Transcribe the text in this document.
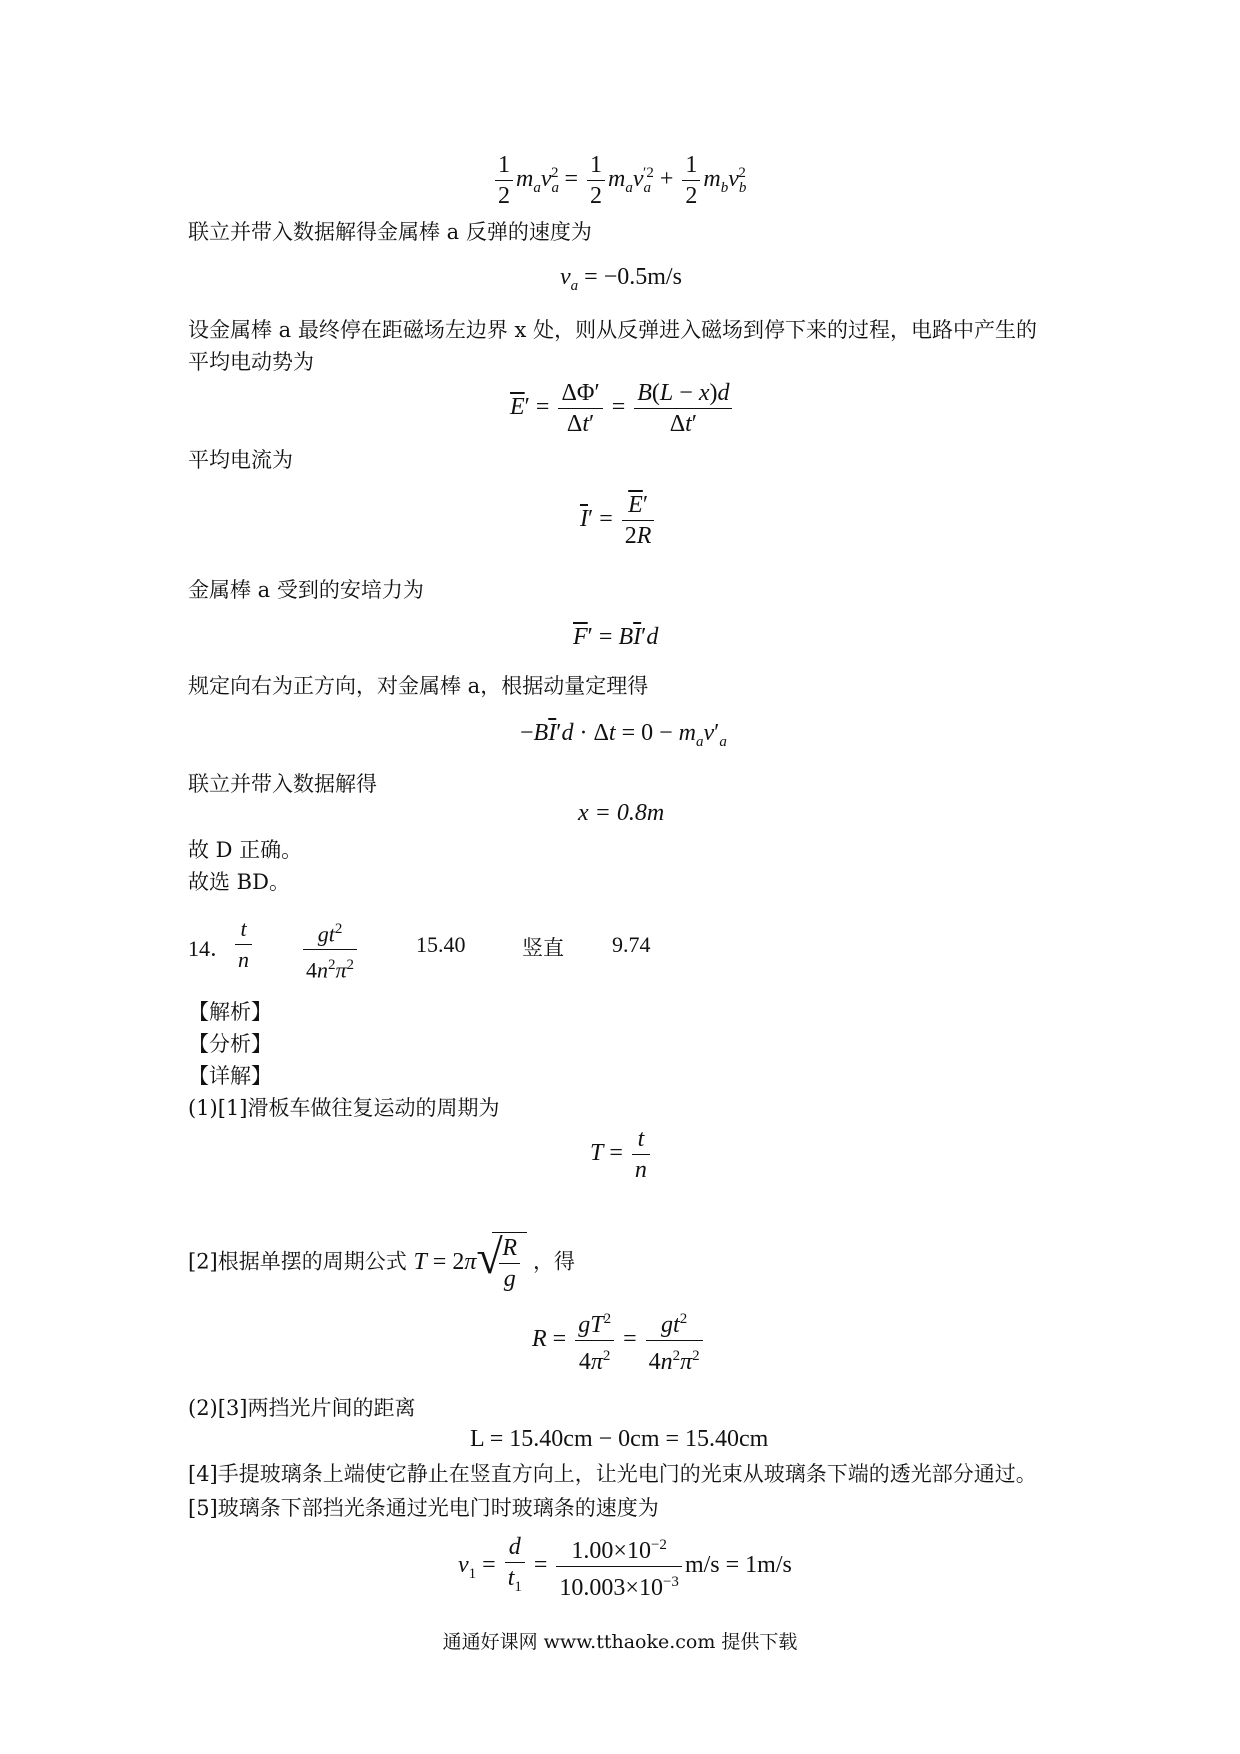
$\frac{1}{2} m_av_a^2 = \frac{1}{2} m_av_a^{'2} + \frac{1}{2} m_bv_b^2$
联立并带入数据解得金属棒 a 反弹的速度为
$v_a = -0.5m/s$
设金属棒 a 最终停在距磁场左边界 x 处，则从反弹进入磁场到停下来的过程，电路中产生的
平均电动势为
$\overline{E}' = \frac{\Delta\Phi'}{\Delta t'} = \frac{B(L - x)d}{\Delta t'}$
平均电流为
$\overline{I}' = \frac{\overline{E}'}{2R}$
金属棒 a 受到的安培力为
$\overline{F}' = B\overline{I}'d$
规定向右为正方向，对金属棒 a，根据动量定理得
$-B\overline{I}'d \cdot \Delta t = 0 - m_av'_a$
联立并带入数据解得
x = 0.8m
故 D 正确。
故选 BD。
14． $\frac{t}{n} \frac{gt^2}{4n^2\pi^2}$	15.40	竖直 9.74
【解析】
【分析】
【详解】
(1)[1]滑板车做往复运动的周期为
$T = \frac{t}{n}$
[2]根据单摆的周期公式 T = 2π √
$\frac{R}{g}$ ，得
$R = \frac{gT^2}{4\pi^2} = \frac{gt^2}{4n^2\pi^2}$
(2)[3]两挡光片间的距离
L = 15.40cm − 0cm = 15.40cm
[4]手提玻璃条上端使它静止在竖直方向上，让光电门的光束从玻璃条下端的透光部分通过。
[5]玻璃条下部挡光条通过光电门时玻璃条的速度为
$v_1 = \frac{d}{t_1} = \frac{1.00\times 10^{-2}}{10.003\times 10^{-3}} m/s = 1m/s$
通通好课网 www.tthaoke.com 提供下载
